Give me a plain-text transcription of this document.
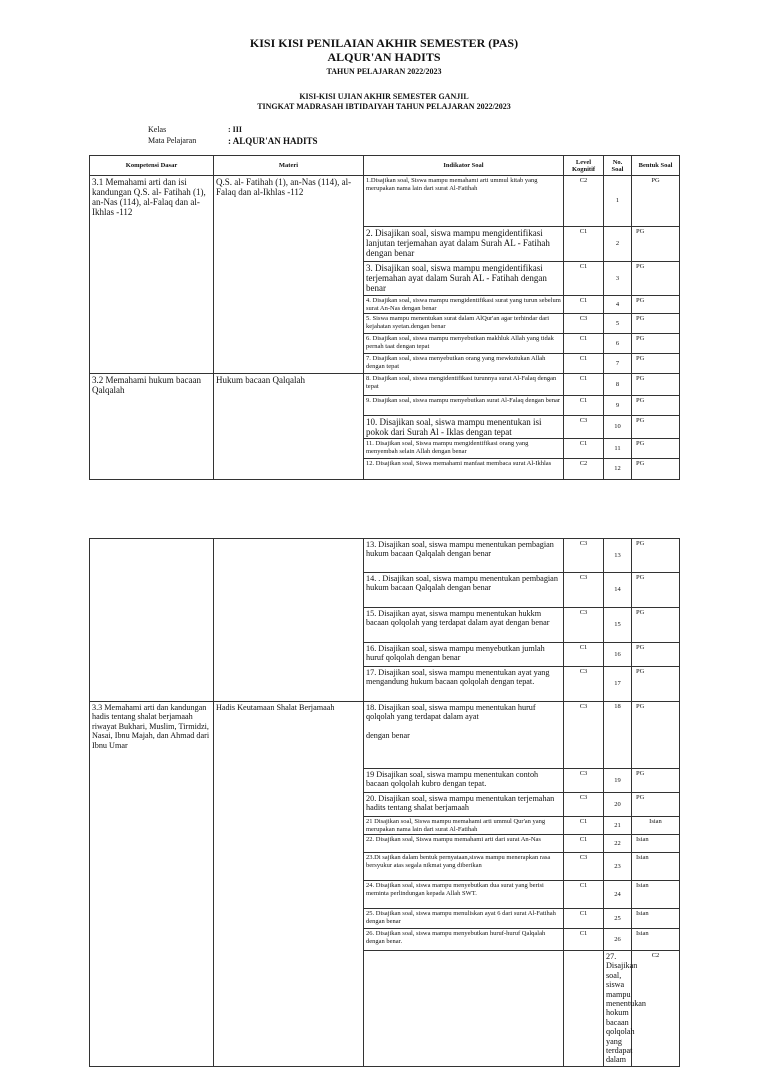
KISI KISI PENILAIAN AKHIR SEMESTER (PAS)
ALQUR'AN HADITS
TAHUN PELAJARAN 2022/2023
KISI-KISI UJIAN AKHIR SEMESTER GANJIL
TINGKAT MADRASAH IBTIDAIYAH TAHUN PELAJARAN 2022/2023
Kelas	: III
Mata Pelajaran	: ALQUR'AN HADITS
Kompetensi Dasar	Materi	Indikator Soal	Level Kognitif	No. Soal	Bentuk Soal
3.1 Memahami arti dan isi kandungan Q.S. al- Fatihah (1), an-Nas (114), al-Falaq dan al-Ikhlas -112	Q.S. al- Fatihah (1), an-Nas (114), al-Falaq dan al-Ikhlas -112	1.Disajikan soal, Siswa mampu memahami arti ummul kitab yang merupakan nama lain dari surat Al-Fatihah	C2	1	PG
		2. Disajikan soal, siswa mampu mengidentifikasi lanjutan terjemahan ayat dalam Surah AL - Fatihah dengan benar	C1	2	PG
		3. Disajikan soal, siswa mampu mengidentifikasi terjemahan ayat dalam Surah AL - Fatihah dengan benar	C1	3	PG
		4. Disajikan soal, siswa mampu mengidentifikasi surat yang turun sebelum surat An-Nas dengan benar	C1	4	PG
		5. Siswa mampu menentukan surat dalam AlQur'an agar terhindar dari kejahatan syetan.dengan benar	C3	5	PG
		6. Disajikan soal, siswa mampu menyebutkan makhluk Allah yang tidak pernah taat dengan tepat	C1	6	PG
		7. Disajikan soal, siswa menyebutkan orang yang mewkutukan Allah dengan tepat	C1	7	PG
3.2 Memahami hukum bacaan Qalqalah	Hukum bacaan Qalqalah	8. Disajikan soal, siswa mengidentifikasi turunnya surat Al-Falaq dengan tepat	C1	8	PG
		9. Disajikan soal, siswa mampu menyebutkan surat Al-Falaq dengan benar	C1	9	PG
		10. Disajikan soal, siswa mampu menentukan isi pokok dari Surah Al - Iklas dengan tepat	C3	10	PG
		11. Disajikan soal, Siswa mampu mengidentifikasi orang yang menyembah selain Allah dengan benar	C1	11	PG
		12. Disajikan soal, Siswa memahami manfaat membaca surat Al-Ikhlas	C2	12	PG
		13. Disajikan soal, siswa mampu menentukan pembagian hukum bacaan Qalqalah dengan benar	C3	13	PG	
		14. . Disajikan soal, siswa mampu menentukan pembagian hukum bacaan Qalqalah dengan benar	C3	14	PG	
		15. Disajikan ayat, siswa mampu menentukan hukkm bacaan qolqolah yang terdapat dalam ayat dengan benar	C3	15	PG	
		16. Disajikan soal, siswa mampu menyebutkan jumlah huruf qolqolah dengan benar	C1	16	PG	
		17. Disajikan soal, siswa mampu menentukan ayat yang mengandung hukum bacaan qolqolah dengan tepat.	C3	17	PG	
3.3 Memahami arti dan kandungan hadis tentang shalat berjamaah riwayat Bukhari, Muslim, Tirmidzi, Nasai, Ibnu Majah, dan Ahmad dari Ibnu Umar	Hadis Keutamaan Shalat Berjamaah	18. Disajikan soal, siswa mampu menentukan huruf qolqolah yang terdapat dalam ayat
dengan benar	C3	18	PG	
		19 Disajikan soal, siswa mampu menentukan contoh bacaan qolqolah kubro dengan tepat.	C3	19	PG	
		20. Disajikan soal, siswa mampu menentukan terjemahan hadits tentang shalat berjamaah	C3	20	PG	
		21 Disajikan soal, Siswa mampu memahami arti ummul Qur'an yang merupakan nama lain dari surat Al-Fatihah	C1	21	Isian	
		22. Disajikan soal, Siswa mampu memahami arti dari surat An-Nas	C1	22	Isian	
		23.Di sajikan dalam bentuk pernyataan,siswa mampu menerapkan rasa bersyukur atas segala nikmat yang diberikan	C3	23	Isian	
		24. Disajikan soal, siswa mampu menyebutkan dua surat yang berisi meminta perlindungan kepada Allah SWT.	C1	24	Isian	
		25. Disajikan soal, siswa mampu menuliskan ayat 6 dari surat Al-Fatihah dengan benar	C1	25	Isian	
		26. Disajikan soal, siswa mampu menyebutkan huruf-huruf Qalqalah dengan benar.	C1	26	Isian	
				27. Disajikan soal, siswa mampu menentukan hokum bacaan qolqolah yang terdapat dalam	C2		
